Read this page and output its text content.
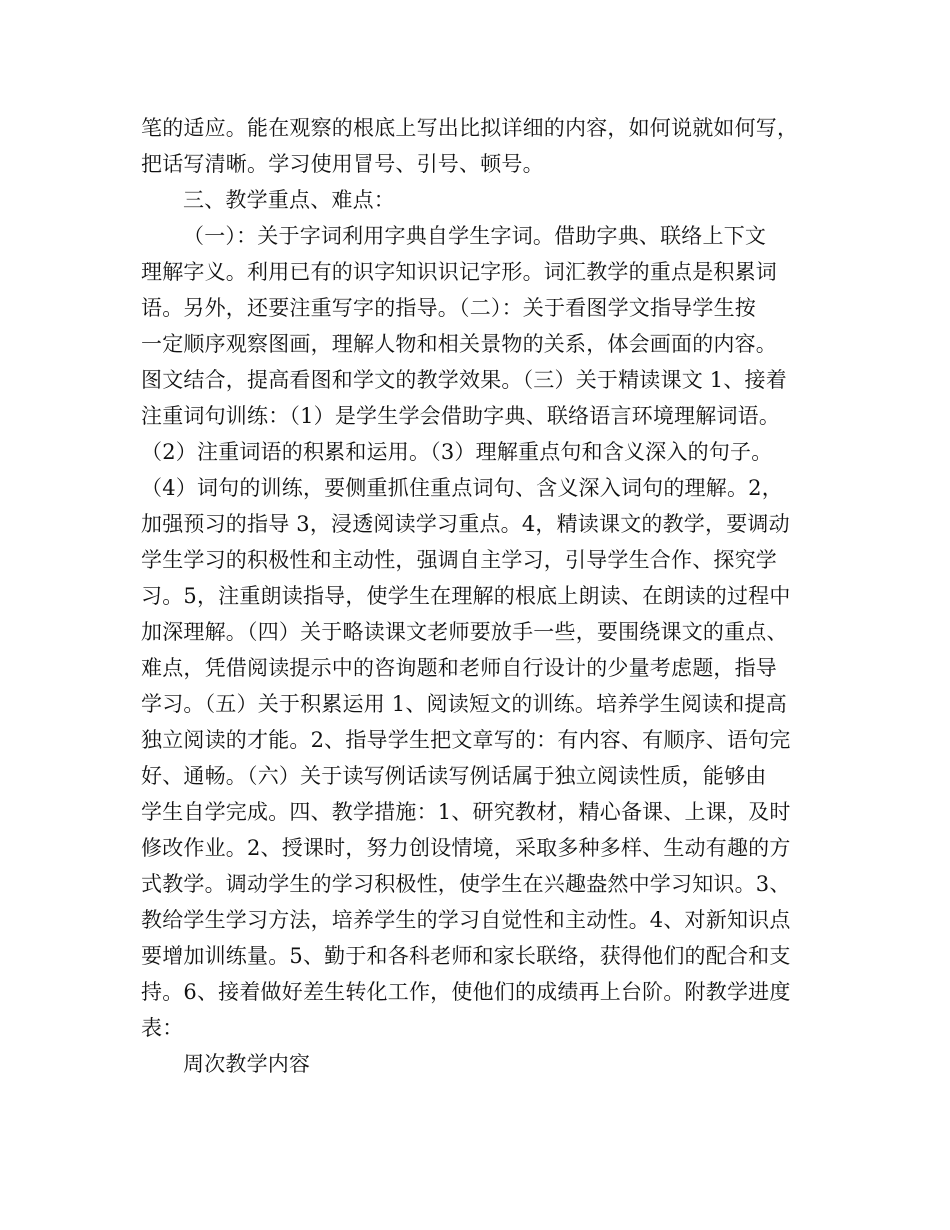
笔的适应。能在观察的根底上写出比拟详细的内容，如何说就如何写，
把话写清晰。学习使用冒号、引号、顿号。
三、教学重点、难点：
（一）：关于字词利用字典自学生字词。借助字典、联络上下文
理解字义。利用已有的识字知识识记字形。词汇教学的重点是积累词
语。另外，还要注重写字的指导。（二）：关于看图学文指导学生按
一定顺序观察图画，理解人物和相关景物的关系，体会画面的内容。
图文结合，提高看图和学文的教学效果。（三）关于精读课文 1、接着
注重词句训练：（1）是学生学会借助字典、联络语言环境理解词语。
（2）注重词语的积累和运用。（3）理解重点句和含义深入的句子。
（4）词句的训练，要侧重抓住重点词句、含义深入词句的理解。2，
加强预习的指导 3，浸透阅读学习重点。4，精读课文的教学，要调动
学生学习的积极性和主动性，强调自主学习，引导学生合作、探究学
习。5，注重朗读指导，使学生在理解的根底上朗读、在朗读的过程中
加深理解。（四）关于略读课文老师要放手一些，要围绕课文的重点、
难点，凭借阅读提示中的咨询题和老师自行设计的少量考虑题，指导
学习。（五）关于积累运用 1、阅读短文的训练。培养学生阅读和提高
独立阅读的才能。2、指导学生把文章写的：有内容、有顺序、语句完
好、通畅。（六）关于读写例话读写例话属于独立阅读性质，能够由
学生自学完成。四、教学措施：1、研究教材，精心备课、上课，及时
修改作业。2、授课时，努力创设情境，采取多种多样、生动有趣的方
式教学。调动学生的学习积极性，使学生在兴趣盎然中学习知识。3、
教给学生学习方法，培养学生的学习自觉性和主动性。4、对新知识点
要增加训练量。5、勤于和各科老师和家长联络，获得他们的配合和支
持。6、接着做好差生转化工作，使他们的成绩再上台阶。附教学进度
表：
周次教学内容
